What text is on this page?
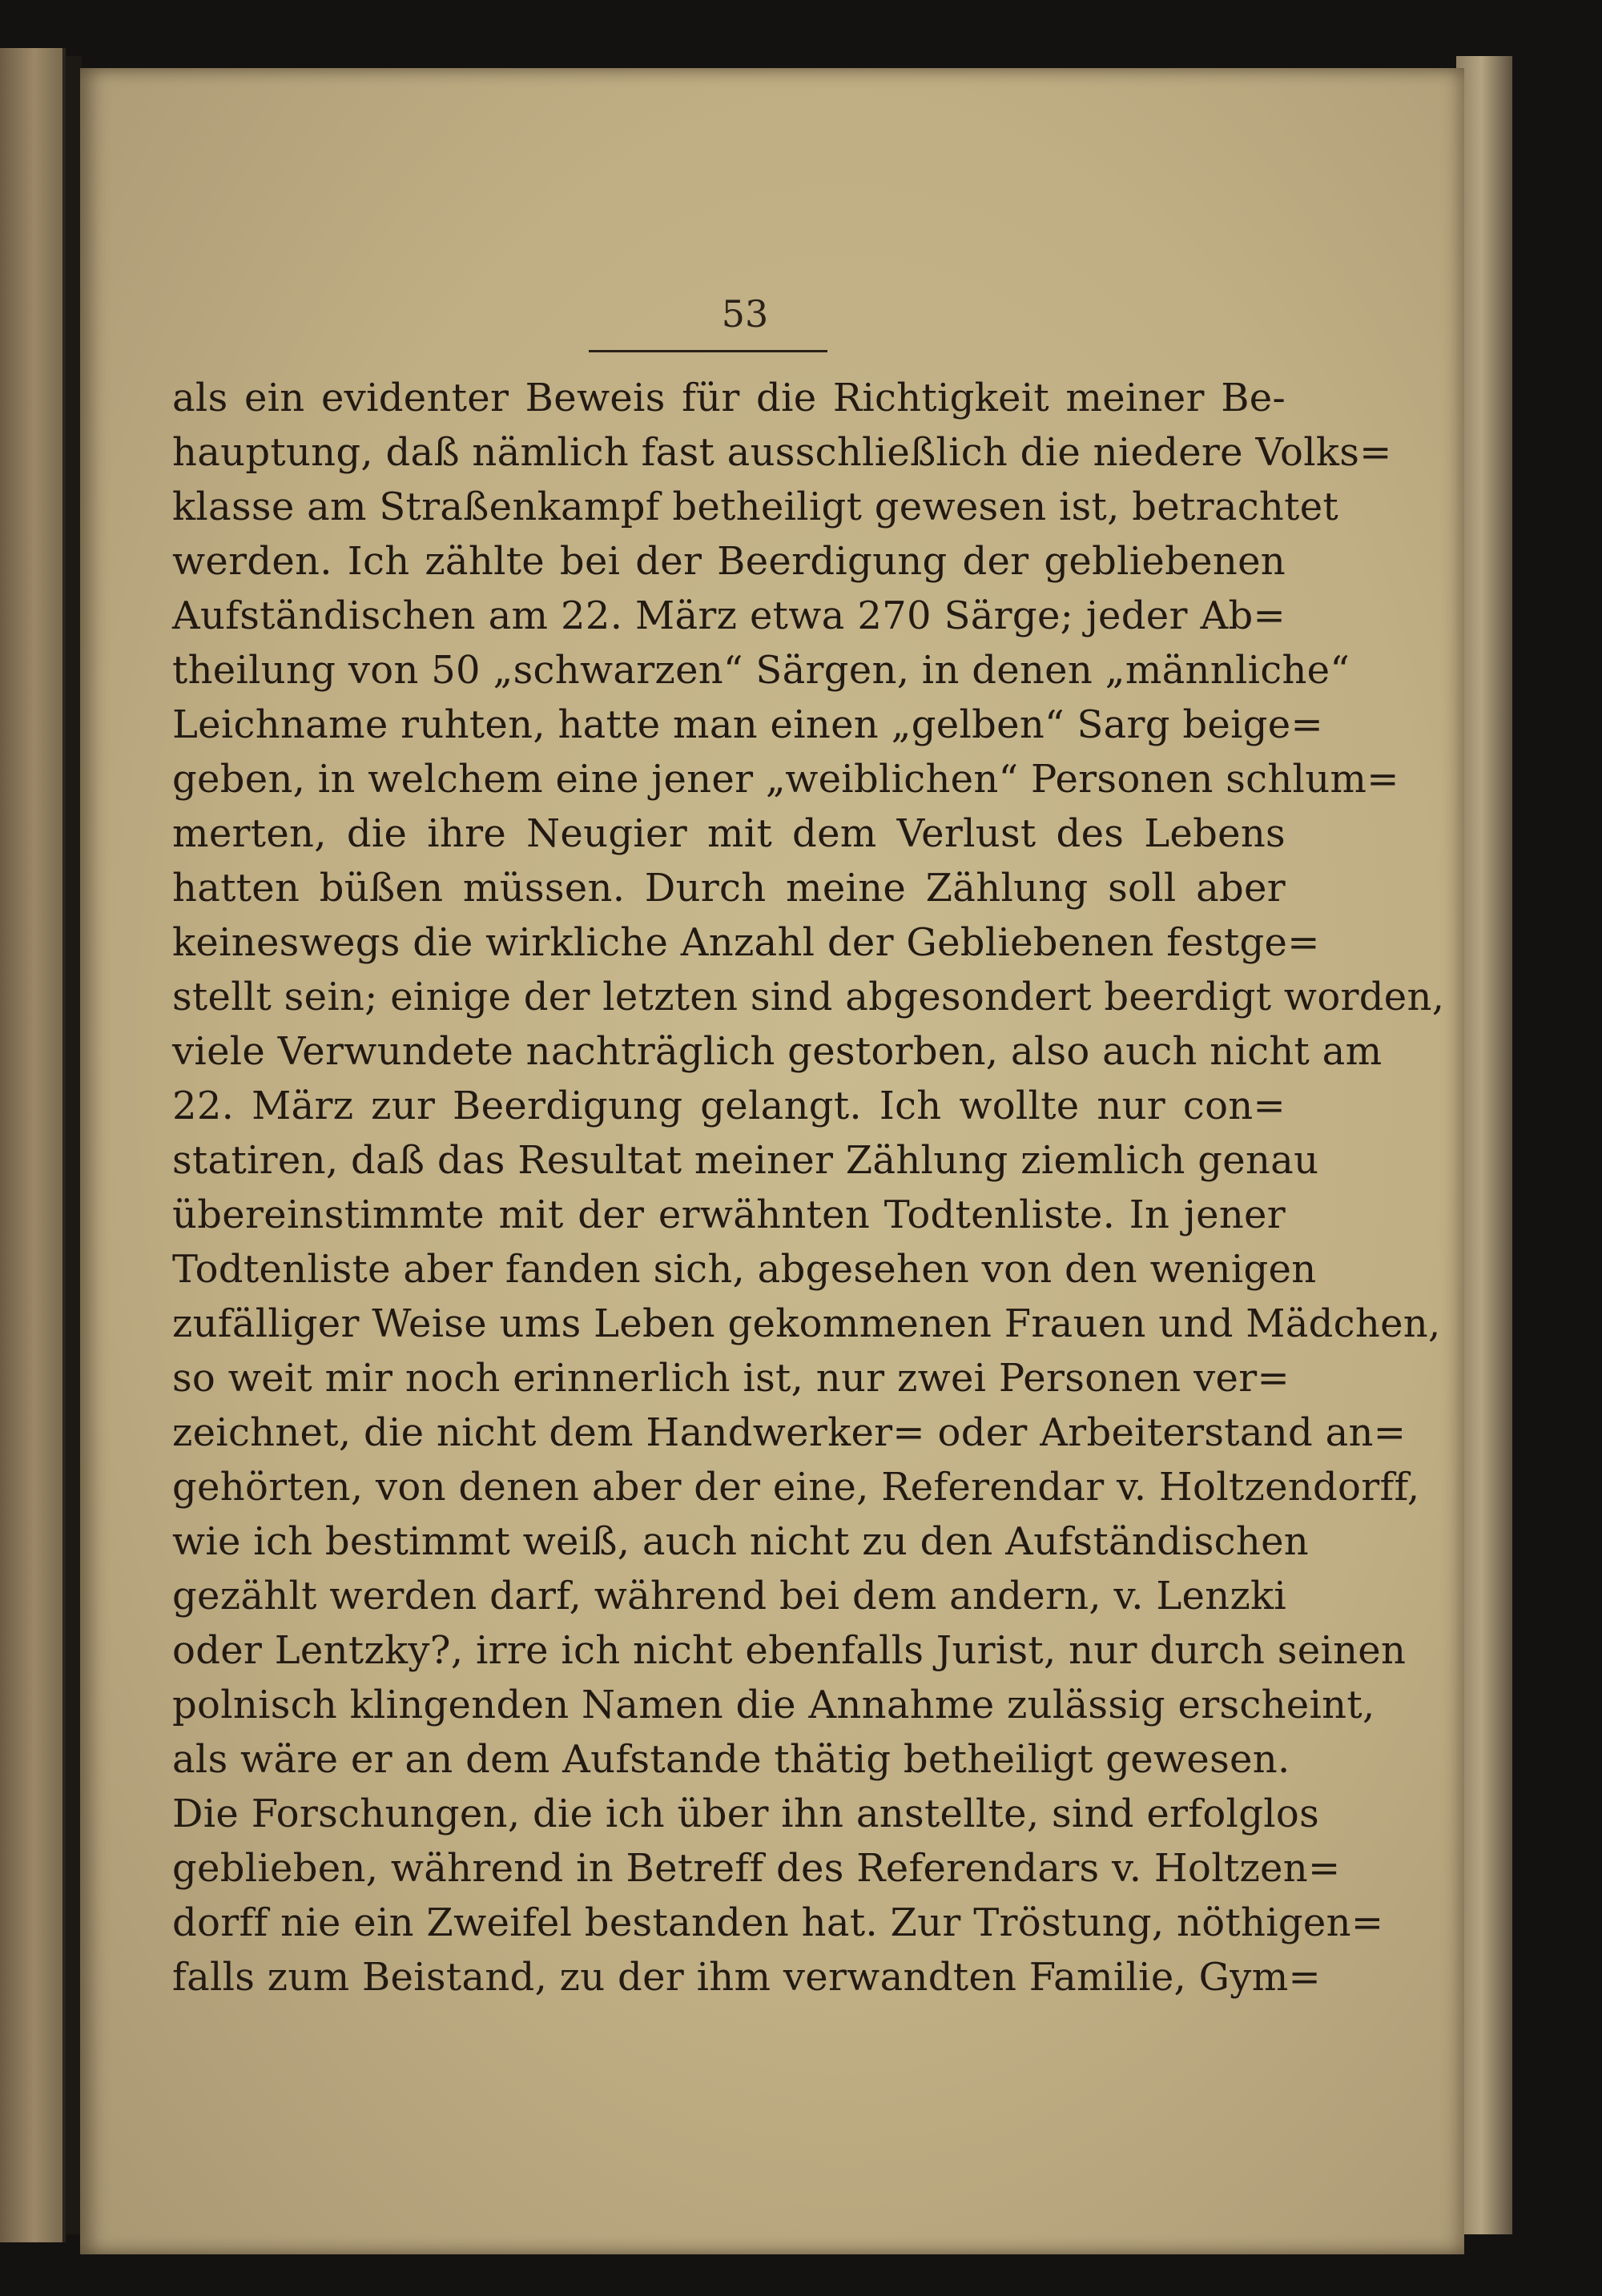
53
als ein evidenter Beweis für die Richtigkeit meiner Be-
hauptung, daß nämlich fast ausschließlich die niedere Volks=
klasse am Straßenkampf betheiligt gewesen ist, betrachtet
werden. Ich zählte bei der Beerdigung der gebliebenen
Aufständischen am 22. März etwa 270 Särge; jeder Ab=
theilung von 50 „schwarzen“ Särgen, in denen „männliche“
Leichname ruhten, hatte man einen „gelben“ Sarg beige=
geben, in welchem eine jener „weiblichen“ Personen schlum=
merten, die ihre Neugier mit dem Verlust des Lebens
hatten büßen müssen. Durch meine Zählung soll aber
keineswegs die wirkliche Anzahl der Gebliebenen festge=
stellt sein; einige der letzten sind abgesondert beerdigt worden,
viele Verwundete nachträglich gestorben, also auch nicht am
22. März zur Beerdigung gelangt. Ich wollte nur con=
statiren, daß das Resultat meiner Zählung ziemlich genau
übereinstimmte mit der erwähnten Todtenliste. In jener
Todtenliste aber fanden sich, abgesehen von den wenigen
zufälliger Weise ums Leben gekommenen Frauen und Mädchen,
so weit mir noch erinnerlich ist, nur zwei Personen ver=
zeichnet, die nicht dem Handwerker= oder Arbeiterstand an=
gehörten, von denen aber der eine, Referendar v. Holtzendorff,
wie ich bestimmt weiß, auch nicht zu den Aufständischen
gezählt werden darf, während bei dem andern, v. Lenzki
oder Lentzky?, irre ich nicht ebenfalls Jurist, nur durch seinen
polnisch klingenden Namen die Annahme zulässig erscheint,
als wäre er an dem Aufstande thätig betheiligt gewesen.
Die Forschungen, die ich über ihn anstellte, sind erfolglos
geblieben, während in Betreff des Referendars v. Holtzen=
dorff nie ein Zweifel bestanden hat. Zur Tröstung, nöthigen=
falls zum Beistand, zu der ihm verwandten Familie, Gym=
